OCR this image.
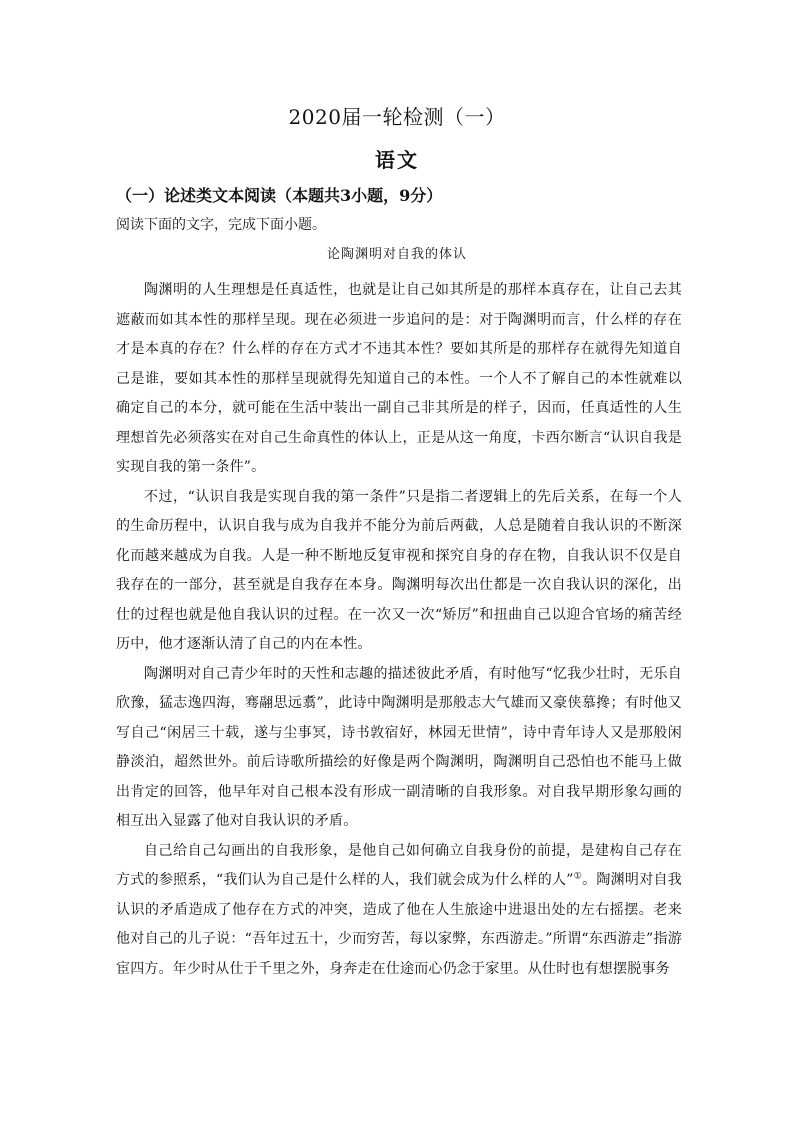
2020届一轮检测（一）
语文
（一）论述类文本阅读（本题共3小题，9分）
阅读下面的文字，完成下面小题。
论陶渊明对自我的体认

陶渊明的人生理想是任真适性，也就是让自己如其所是的那样本真存在，让自己去其遮蔽而如其本性的那样呈现。现在必须进一步追问的是：对于陶渊明而言，什么样的存在才是本真的存在？什么样的存在方式才不违其本性？要如其所是的那样存在就得先知道自己是谁，要如其本性的那样呈现就得先知道自己的本性。一个人不了解自己的本性就难以确定自己的本分，就可能在生活中装出一副自己非其所是的样子，因而，任真适性的人生理想首先必须落实在对自己生命真性的体认上，正是从这一角度，卡西尔断言“认识自我是实现自我的第一条件”。

不过，“认识自我是实现自我的第一条件”只是指二者逻辑上的先后关系，在每一个人的生命历程中，认识自我与成为自我并不能分为前后两截，人总是随着自我认识的不断深化而越来越成为自我。人是一种不断地反复审视和探究自身的存在物，自我认识不仅是自我存在的一部分，甚至就是自我存在本身。陶渊明每次出仕都是一次自我认识的深化，出仕的过程也就是他自我认识的过程。在一次又一次“矫厉”和扭曲自己以迎合官场的痛苦经历中，他才逐渐认清了自己的内在本性。

陶渊明对自己青少年时的天性和志趣的描述彼此矛盾，有时他写“忆我少壮时，无乐自欣豫，猛志逸四海，骞翮思远翥”，此诗中陶渊明是那般志大气雄而又豪侠慕搀；有时他又写自己“闲居三十载，遂与尘事冥，诗书敦宿好，林园无世情”，诗中青年诗人又是那般闲静淡泊，超然世外。前后诗歌所描绘的好像是两个陶渊明，陶渊明自己恐怕也不能马上做出肯定的回答，他早年对自己根本没有形成一副清晰的自我形象。对自我早期形象勾画的相互出入显露了他对自我认识的矛盾。

自己给自己勾画出的自我形象，是他自己如何确立自我身份的前提，是建构自己存在方式的参照系，“我们认为自己是什么样的人，我们就会成为什么样的人”①。陶渊明对自我认识的矛盾造成了他存在方式的冲突，造成了他在人生旅途中进退出处的左右摇摆。老来他对自己的儿子说：“吾年过五十，少而穷苦，每以家弊，东西游走。”所谓“东西游走”指游宦四方。年少时从仕于千里之外，身奔走在仕途而心仍念于家里。从仕时也有想摆脱事务
